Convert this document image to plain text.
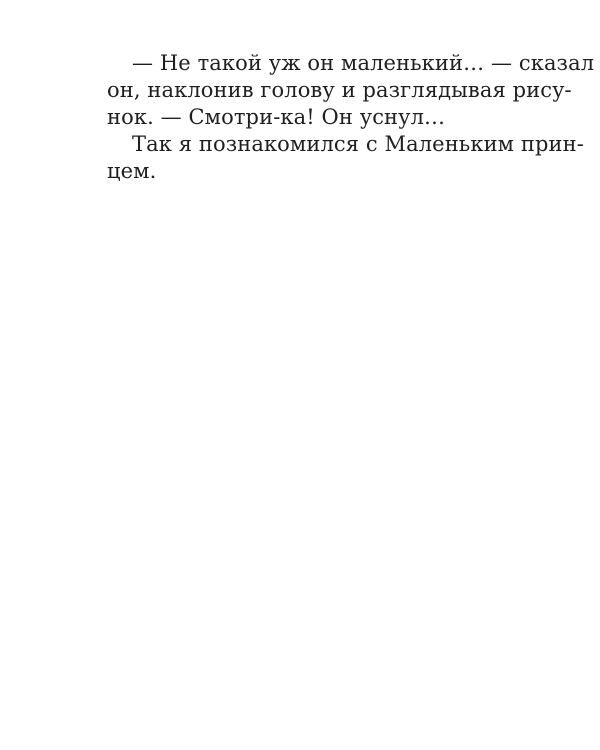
— Не такой уж он маленький… — сказал
он, наклонив голову и разглядывая рису-
нок. — Смотри-ка! Он уснул…
Так я познакомился с Маленьким прин-
цем.
